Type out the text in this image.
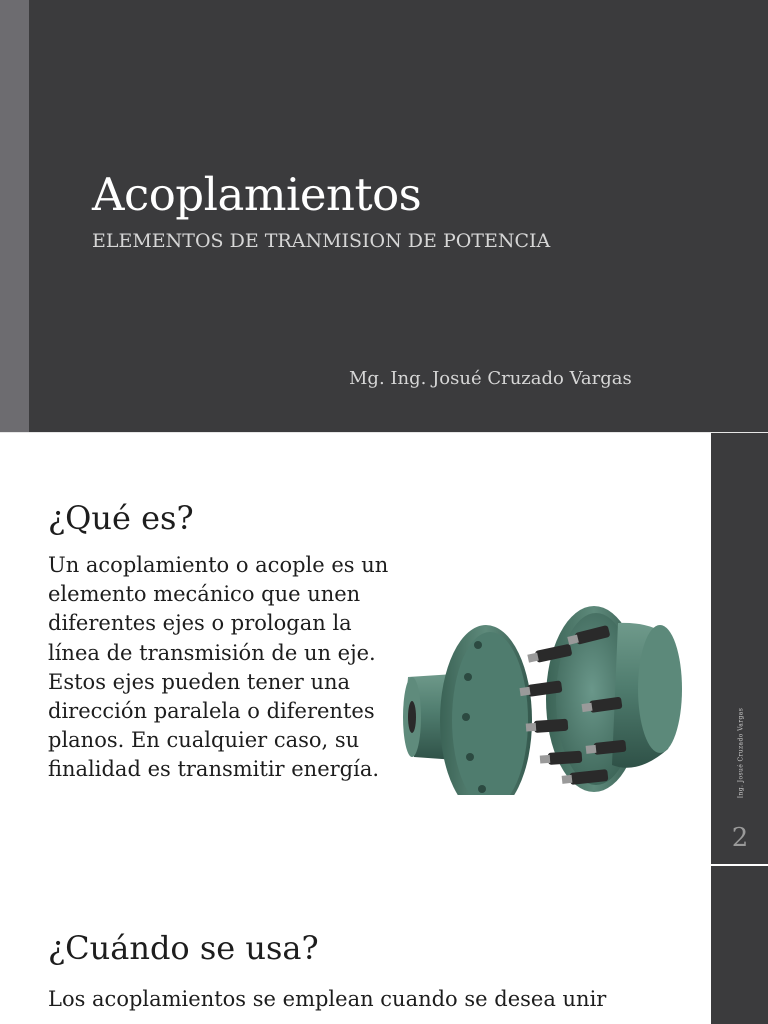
Acoplamientos
ELEMENTOS DE TRANMISION DE POTENCIA
Mg. Ing. Josué Cruzado Vargas
¿Qué es?

Un acoplamiento o acople es un elemento mecánico que unen diferentes ejes o prologan la línea de transmisión de un eje. Estos ejes pueden tener una dirección paralela o diferentes planos. En cualquier caso, su finalidad es transmitir energía.

¿Cuándo se usa?

Los acoplamientos se emplean cuando se desea unir

Ing. Josué Cruzado Vargas
2
